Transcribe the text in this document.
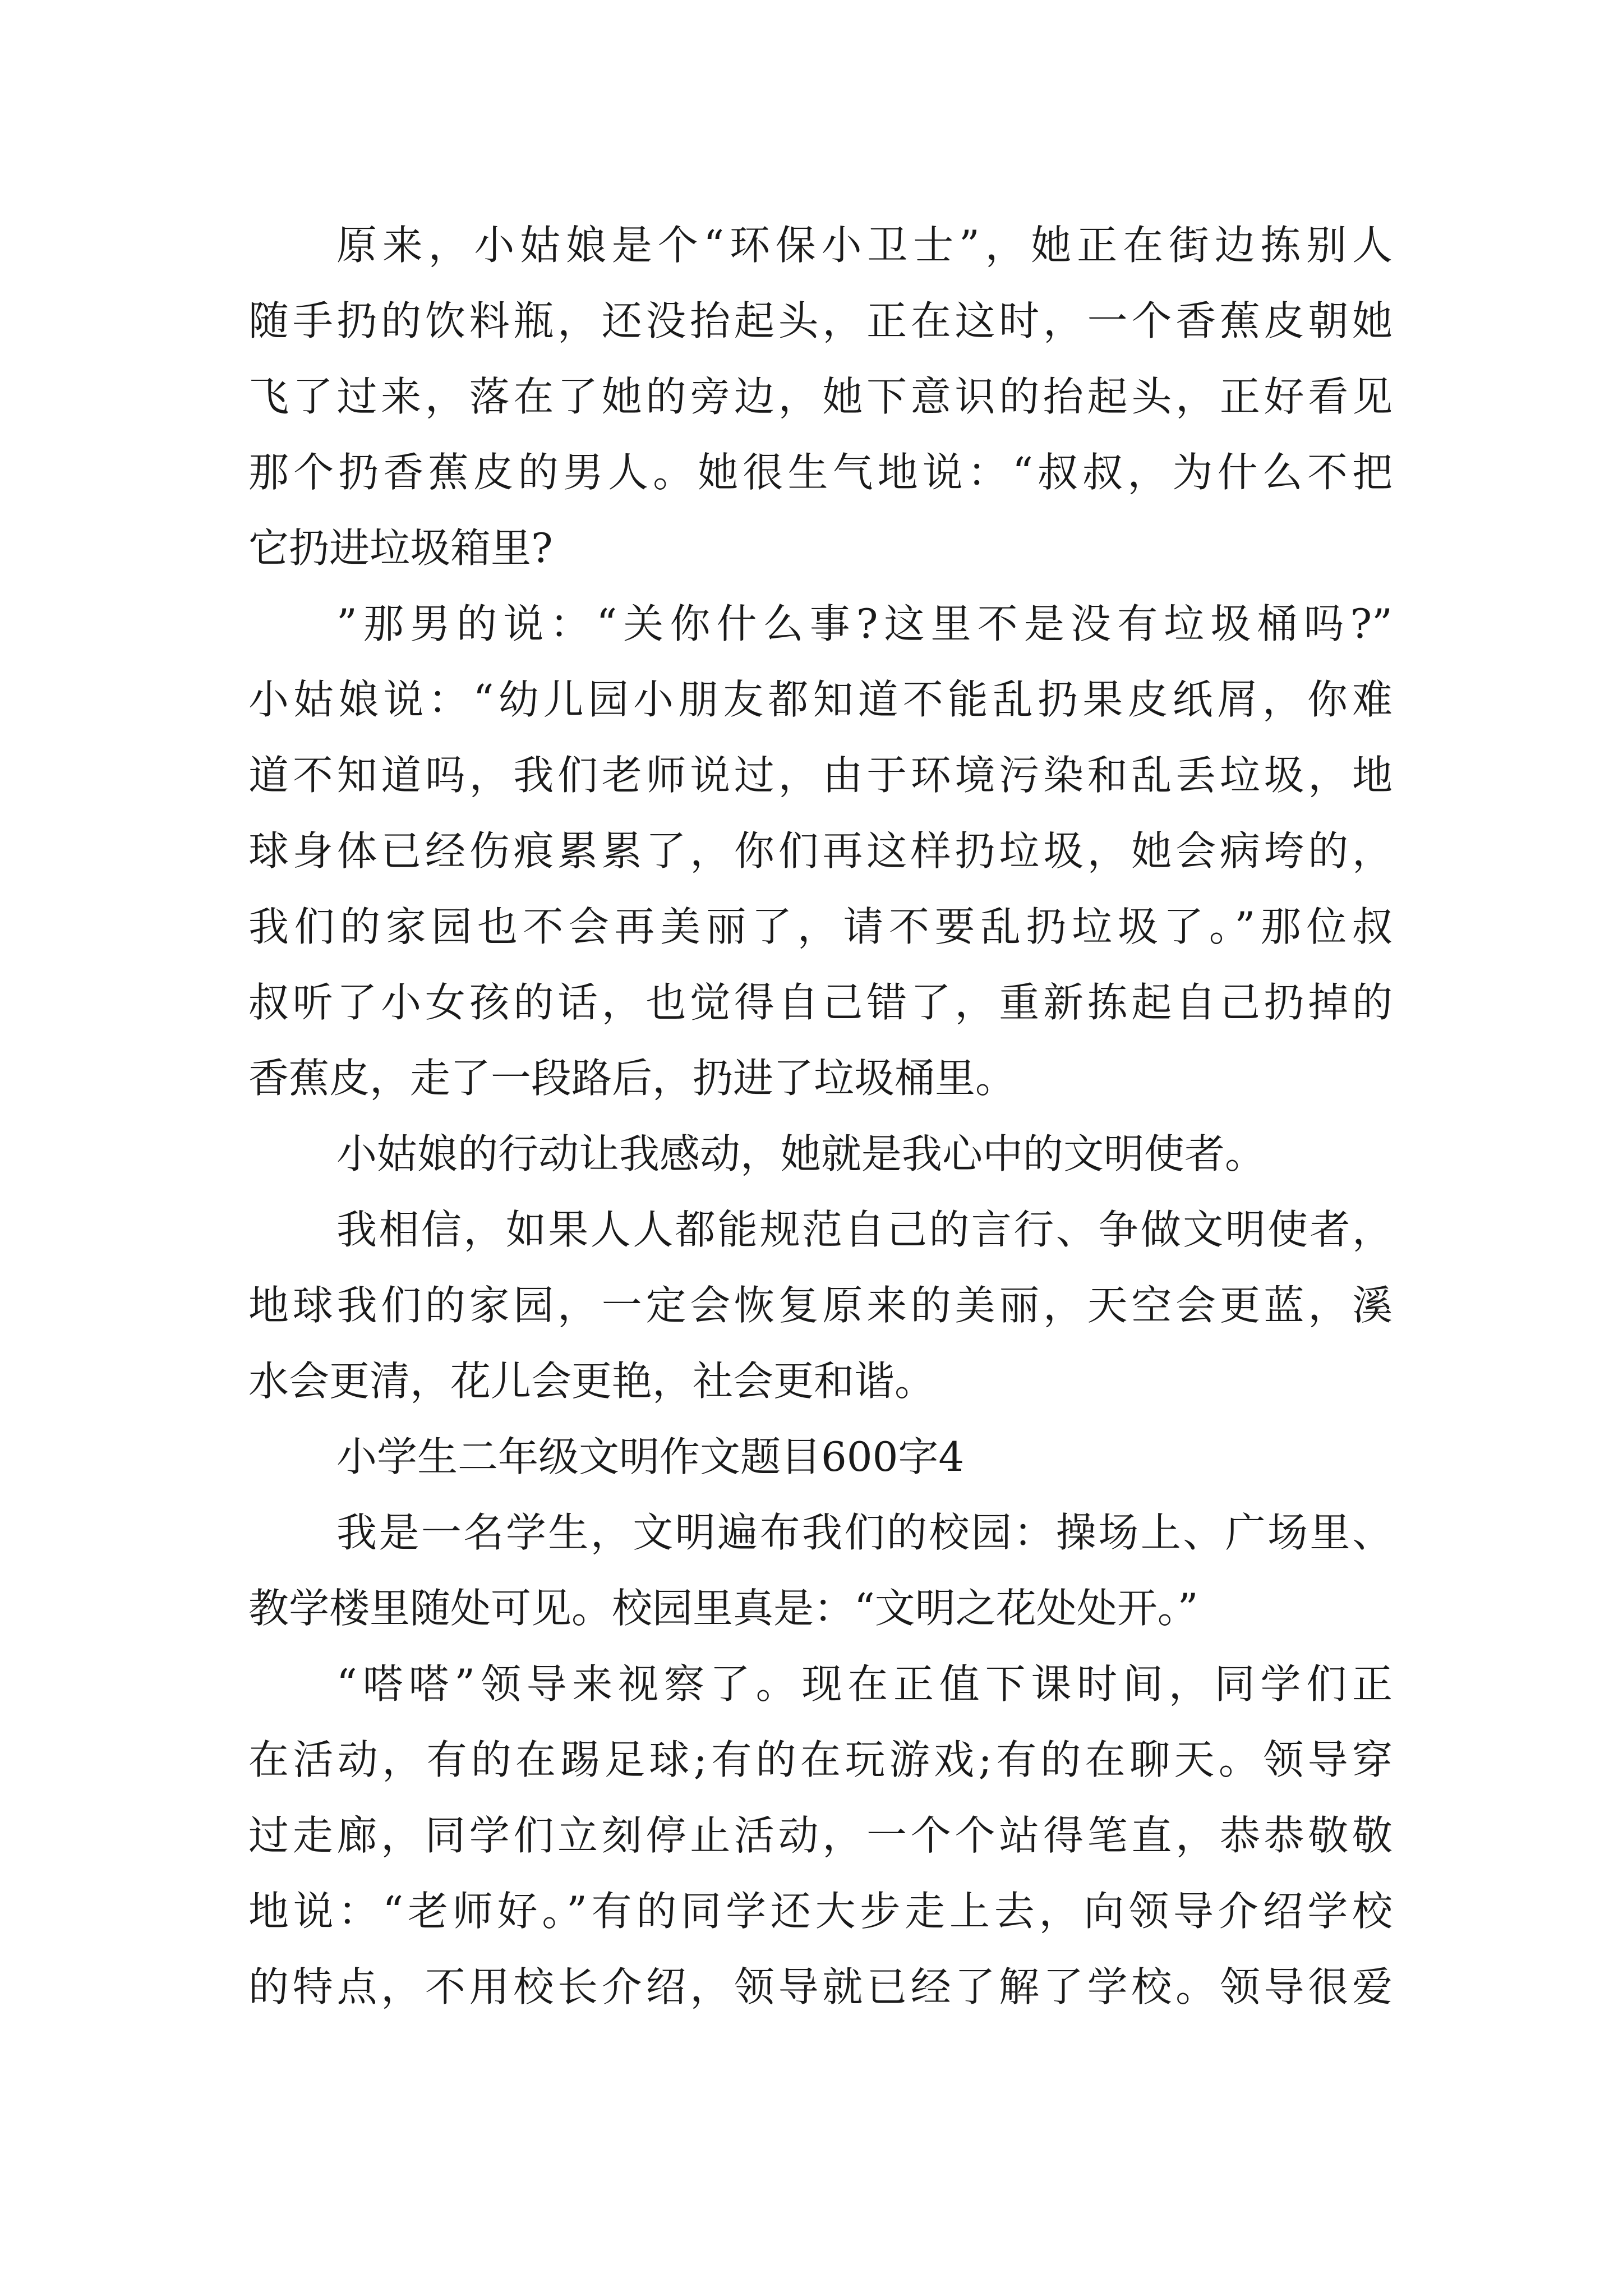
原来，小姑娘是个“环保小卫士”，她正在街边拣别人
随手扔的饮料瓶，还没抬起头，正在这时，一个香蕉皮朝她
飞了过来，落在了她的旁边，她下意识的抬起头，正好看见
那个扔香蕉皮的男人。她很生气地说：“叔叔，为什么不把
它扔进垃圾箱里?
”那男的说：“关你什么事?这里不是没有垃圾桶吗?”
小姑娘说：“幼儿园小朋友都知道不能乱扔果皮纸屑，你难
道不知道吗，我们老师说过，由于环境污染和乱丢垃圾，地
球身体已经伤痕累累了，你们再这样扔垃圾，她会病垮的，
我们的家园也不会再美丽了，请不要乱扔垃圾了。”那位叔
叔听了小女孩的话，也觉得自己错了，重新拣起自己扔掉的
香蕉皮，走了一段路后，扔进了垃圾桶里。
小姑娘的行动让我感动，她就是我心中的文明使者。
我相信，如果人人都能规范自己的言行、争做文明使者，
地球我们的家园，一定会恢复原来的美丽，天空会更蓝，溪
水会更清，花儿会更艳，社会更和谐。
小学生二年级文明作文题目600字4
我是一名学生，文明遍布我们的校园：操场上、广场里、
教学楼里随处可见。校园里真是：“文明之花处处开。”
“嗒嗒”领导来视察了。现在正值下课时间，同学们正
在活动，有的在踢足球;有的在玩游戏;有的在聊天。领导穿
过走廊，同学们立刻停止活动，一个个站得笔直，恭恭敬敬
地说：“老师好。”有的同学还大步走上去，向领导介绍学校
的特点，不用校长介绍，领导就已经了解了学校。领导很爱
